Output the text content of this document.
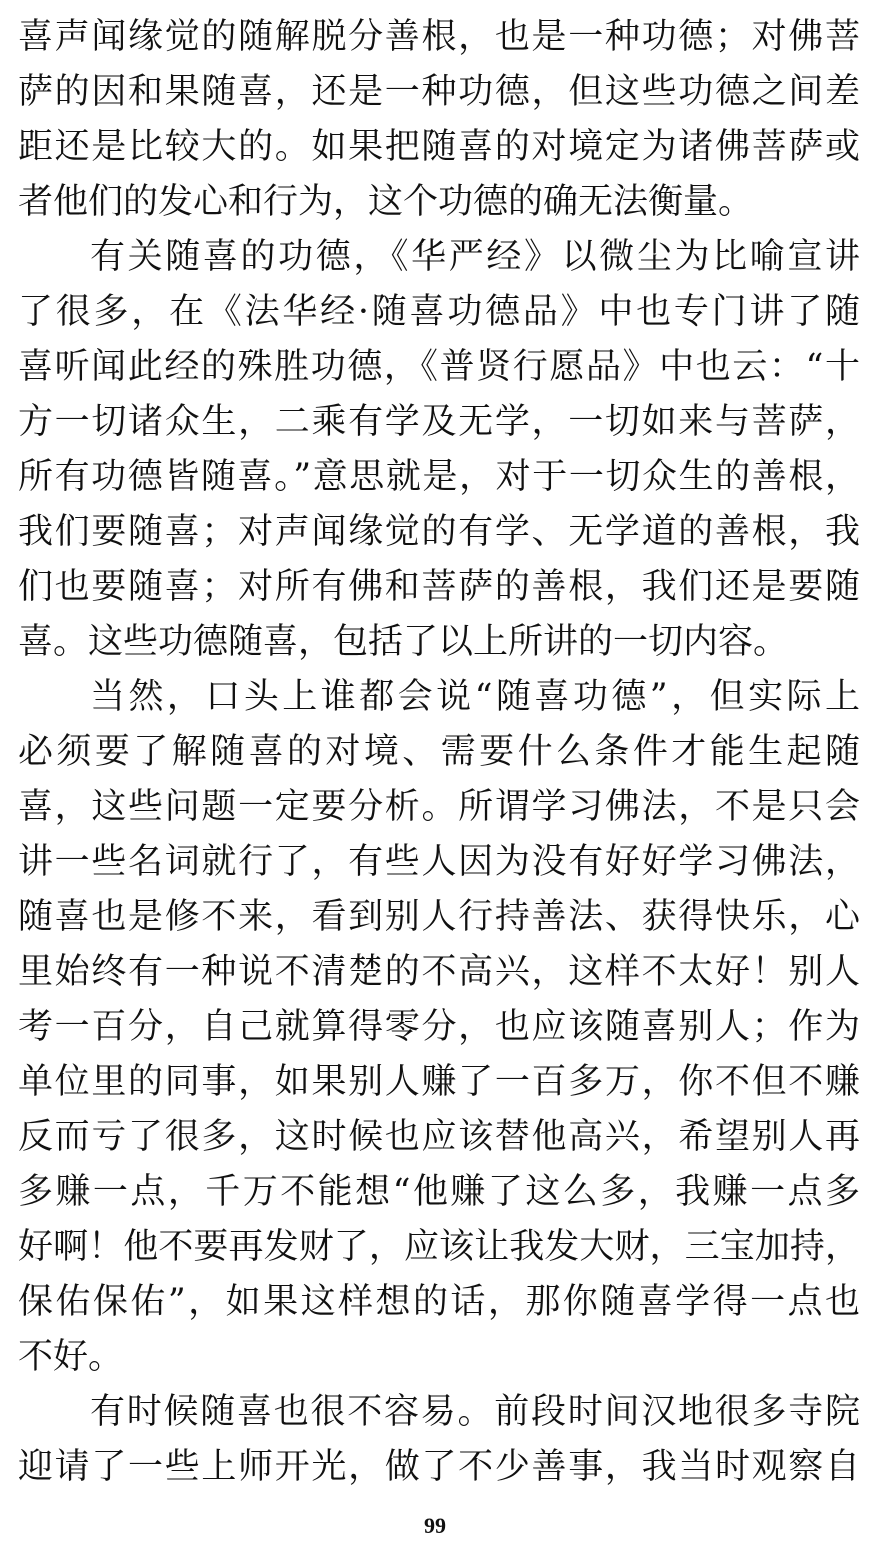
喜声闻缘觉的随解脱分善根，也是一种功德；对佛菩
萨的因和果随喜，还是一种功德，但这些功德之间差
距还是比较大的。如果把随喜的对境定为诸佛菩萨或
者他们的发心和行为，这个功德的确无法衡量。
有关随喜的功德，《华严经》以微尘为比喻宣讲
了很多，在《法华经·随喜功德品》中也专门讲了随
喜听闻此经的殊胜功德，《普贤行愿品》中也云：“十
方一切诸众生，二乘有学及无学，一切如来与菩萨，
所有功德皆随喜。”意思就是，对于一切众生的善根，
我们要随喜；对声闻缘觉的有学、无学道的善根，我
们也要随喜；对所有佛和菩萨的善根，我们还是要随
喜。这些功德随喜，包括了以上所讲的一切内容。
当然，口头上谁都会说“随喜功德”，但实际上
必须要了解随喜的对境、需要什么条件才能生起随
喜，这些问题一定要分析。所谓学习佛法，不是只会
讲一些名词就行了，有些人因为没有好好学习佛法，
随喜也是修不来，看到别人行持善法、获得快乐，心
里始终有一种说不清楚的不高兴，这样不太好！别人
考一百分，自己就算得零分，也应该随喜别人；作为
单位里的同事，如果别人赚了一百多万，你不但不赚
反而亏了很多，这时候也应该替他高兴，希望别人再
多赚一点，千万不能想“他赚了这么多，我赚一点多
好啊！他不要再发财了，应该让我发大财，三宝加持，
保佑保佑”，如果这样想的话，那你随喜学得一点也
不好。
有时候随喜也很不容易。前段时间汉地很多寺院
迎请了一些上师开光，做了不少善事，我当时观察自
99
